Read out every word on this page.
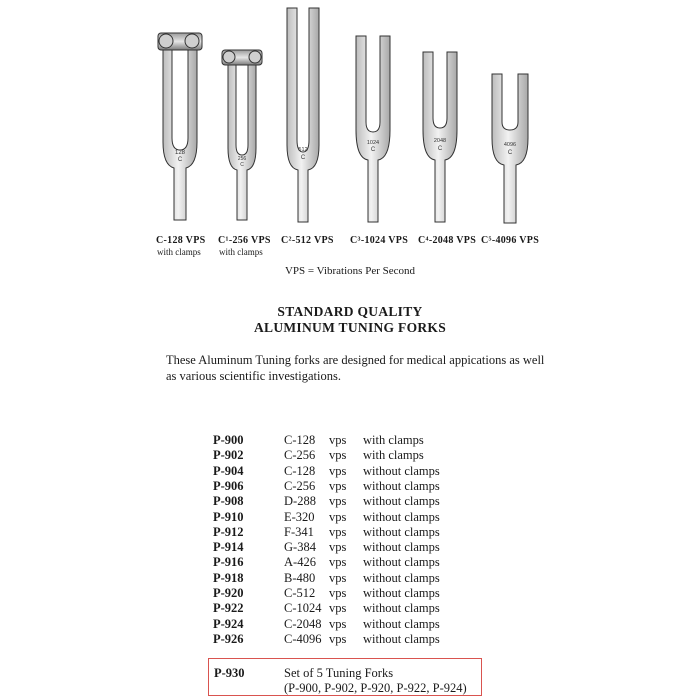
128
256
512
1024	2048
4096
C
C
C
C	C
C
C-128 VPS
with clamps
C¹-256 VPS
with clamps
C²-512 VPS C³-1024 VPS C⁴-2048 VPS C⁵-4096 VPS
VPS = Vibrations Per Second
STANDARD QUALITY
ALUMINUM TUNING FORKS
These Aluminum Tuning forks are designed for medical appications as well as various scientific investigations.
P-900	C-128 vps with clamps
P-902	C-256 vps with clamps
P-904	C-128 vps without clamps
P-906	C-256 vps without clamps
P-908	D-288 vps without clamps
P-910	E-320 vps without clamps
P-912	F-341 vps without clamps
P-914	G-384 vps without clamps
P-916	A-426 vps without clamps
P-918	B-480 vps without clamps
P-920	C-512 vps without clamps
P-922	C-1024 vps without clamps
P-924	C-2048 vps without clamps
P-926	C-4096 vps without clamps
P-930	Set of 5 Tuning Forks
(P-900, P-902, P-920, P-922, P-924)
